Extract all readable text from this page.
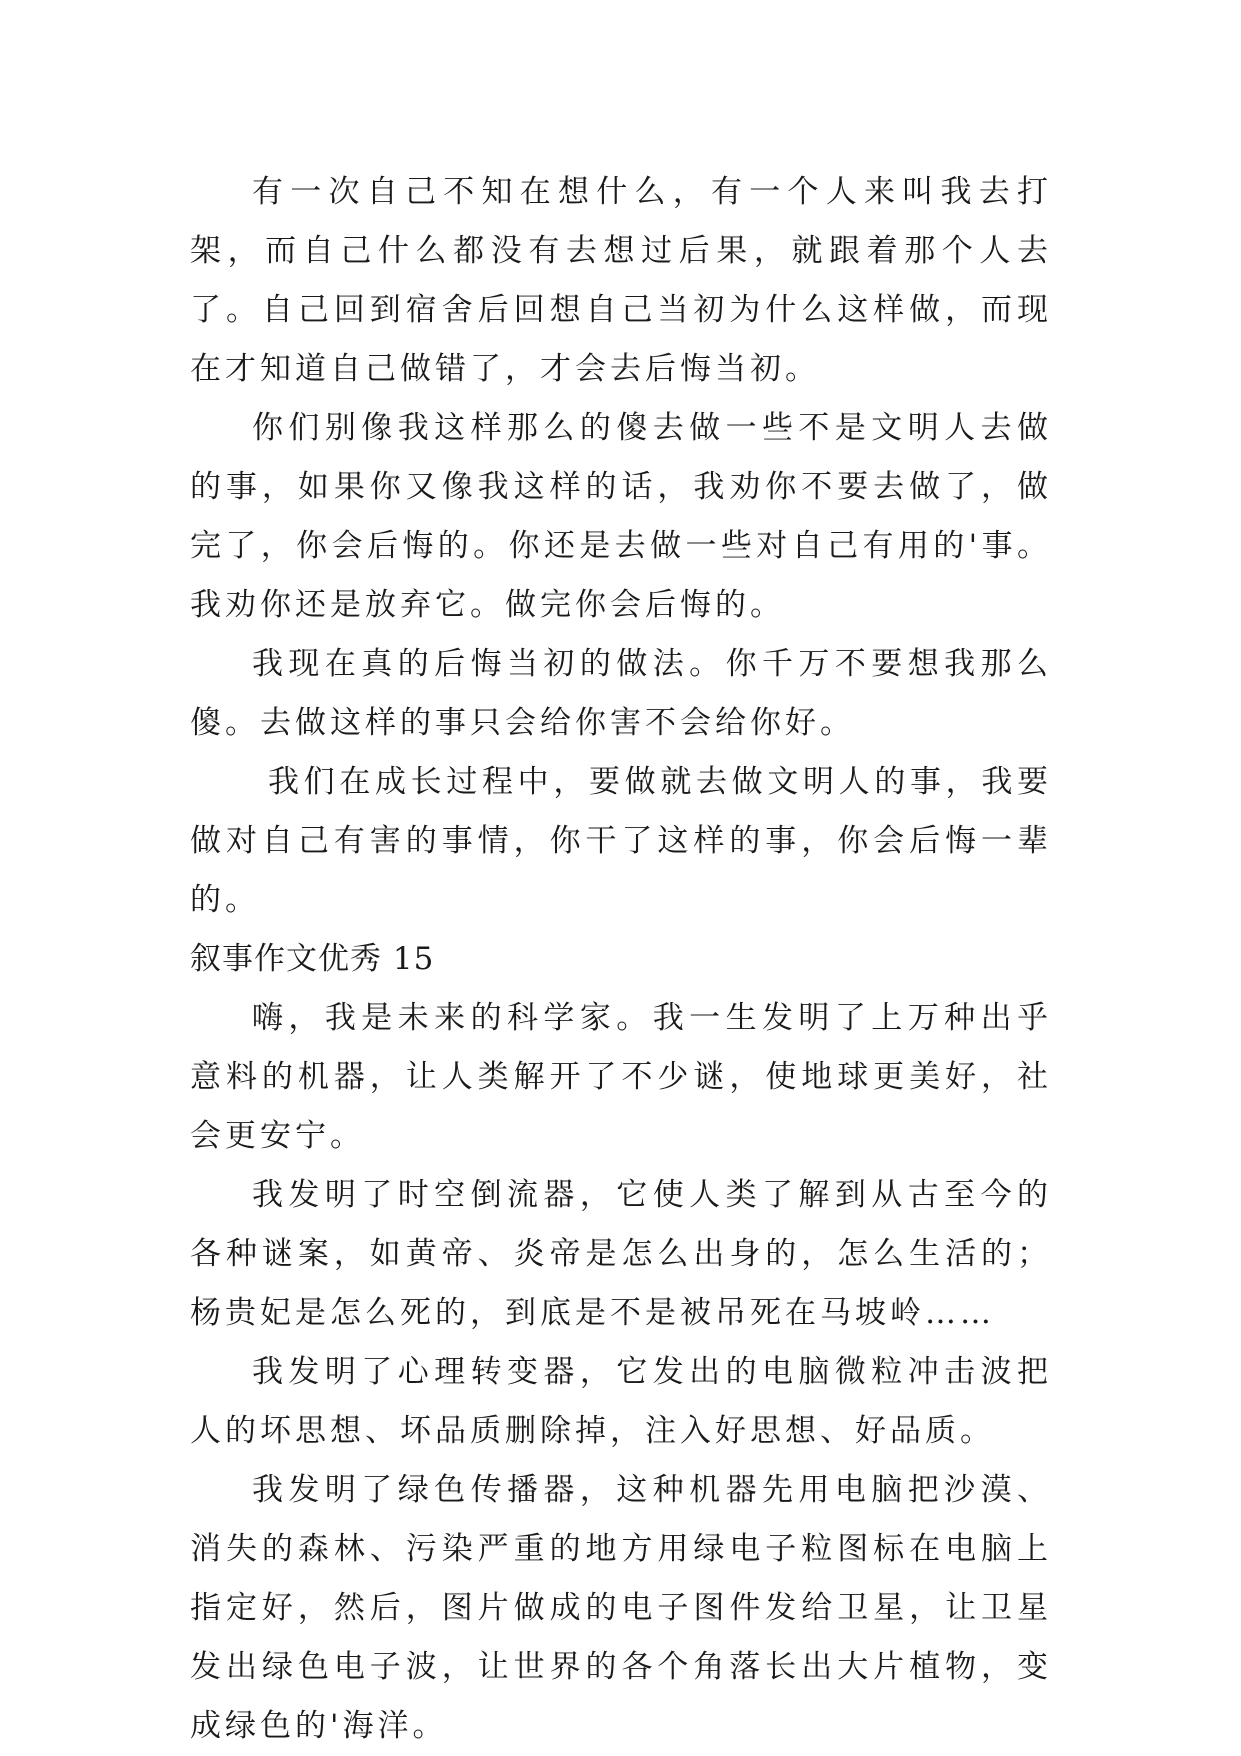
有一次自己不知在想什么，有一个人来叫我去打架，而自己什么都没有去想过后果，就跟着那个人去了。自己回到宿舍后回想自己当初为什么这样做，而现在才知道自己做错了，才会去后悔当初。

你们别像我这样那么的傻去做一些不是文明人去做的事，如果你又像我这样的话，我劝你不要去做了，做完了，你会后悔的。你还是去做一些对自己有用的'事。我劝你还是放弃它。做完你会后悔的。

我现在真的后悔当初的做法。你千万不要想我那么傻。去做这样的事只会给你害不会给你好。

我们在成长过程中，要做就去做文明人的事，我要做对自己有害的事情，你干了这样的事，你会后悔一辈的。

叙事作文优秀 15

嗨，我是未来的科学家。我一生发明了上万种出乎意料的机器，让人类解开了不少谜，使地球更美好，社会更安宁。

我发明了时空倒流器，它使人类了解到从古至今的各种谜案，如黄帝、炎帝是怎么出身的，怎么生活的；杨贵妃是怎么死的，到底是不是被吊死在马坡岭……

我发明了心理转变器，它发出的电脑微粒冲击波把人的坏思想、坏品质删除掉，注入好思想、好品质。

我发明了绿色传播器，这种机器先用电脑把沙漠、消失的森林、污染严重的地方用绿电子粒图标在电脑上指定好，然后，图片做成的电子图件发给卫星，让卫星发出绿色电子波，让世界的各个角落长出大片植物，变成绿色的'海洋。
